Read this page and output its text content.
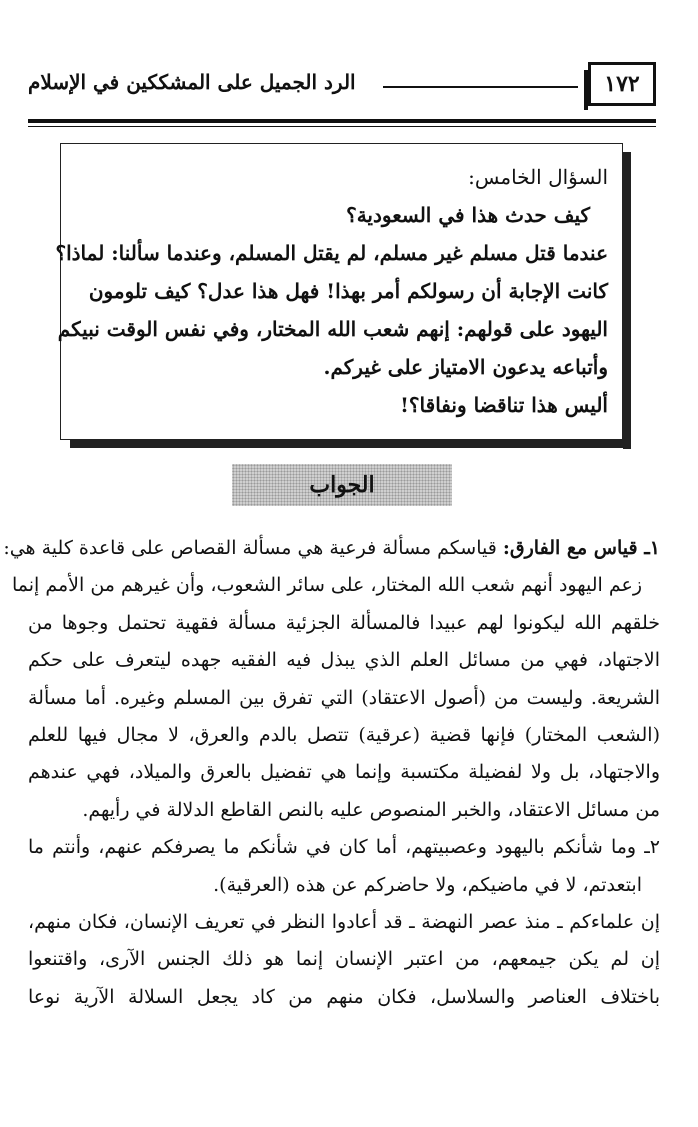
١٧٢
الرد الجميل على المشككين في الإسلام
السؤال الخامس:
كيف حدث هذا في السعودية؟
عندما قتل مسلم غير مسلم، لم يقتل المسلم، وعندما سألنا: لماذا؟
كانت الإجابة أن رسولكم أمر بهذا! فهل هذا عدل؟ كيف تلومون
اليهود على قولهم: إنهم شعب الله المختار، وفي نفس الوقت نبيكم
وأتباعه يدعون الامتياز على غيركم.
أليس هذا تناقضا ونفاقا؟!
الجواب
١ـ قياس مع الفارق: قياسكم مسألة فرعية هي مسألة القصاص على قاعدة كلية هي:
زعم اليهود أنهم شعب الله المختار، على سائر الشعوب، وأن غيرهم من الأمم إنما
خلقهم الله ليكونوا لهم عبيدا فالمسألة الجزئية مسألة فقهية تحتمل وجوها من
الاجتهاد، فهي من مسائل العلم الذي يبذل فيه الفقيه جهده ليتعرف على حكم
الشريعة. وليست من (أصول الاعتقاد) التي تفرق بين المسلم وغيره. أما مسألة
(الشعب المختار) فإنها قضية (عرقية) تتصل بالدم والعرق، لا مجال فيها للعلم
والاجتهاد، بل ولا لفضيلة مكتسبة وإنما هي تفضيل بالعرق والميلاد، فهي عندهم
من مسائل الاعتقاد، والخبر المنصوص عليه بالنص القاطع الدلالة في رأيهم.
٢ـ وما شأنكم باليهود وعصبيتهم، أما كان في شأنكم ما يصرفكم عنهم، وأنتم ما
ابتعدتم، لا في ماضيكم، ولا حاضركم عن هذه (العرقية).
إن علماءكم ـ منذ عصر النهضة ـ قد أعادوا النظر في تعريف الإنسان، فكان منهم،
إن لم يكن جيمعهم، من اعتبر الإنسان إنما هو ذلك الجنس الآرى، واقتنعوا
باختلاف العناصر والسلاسل، فكان منهم من كاد يجعل السلالة الآرية نوعا
